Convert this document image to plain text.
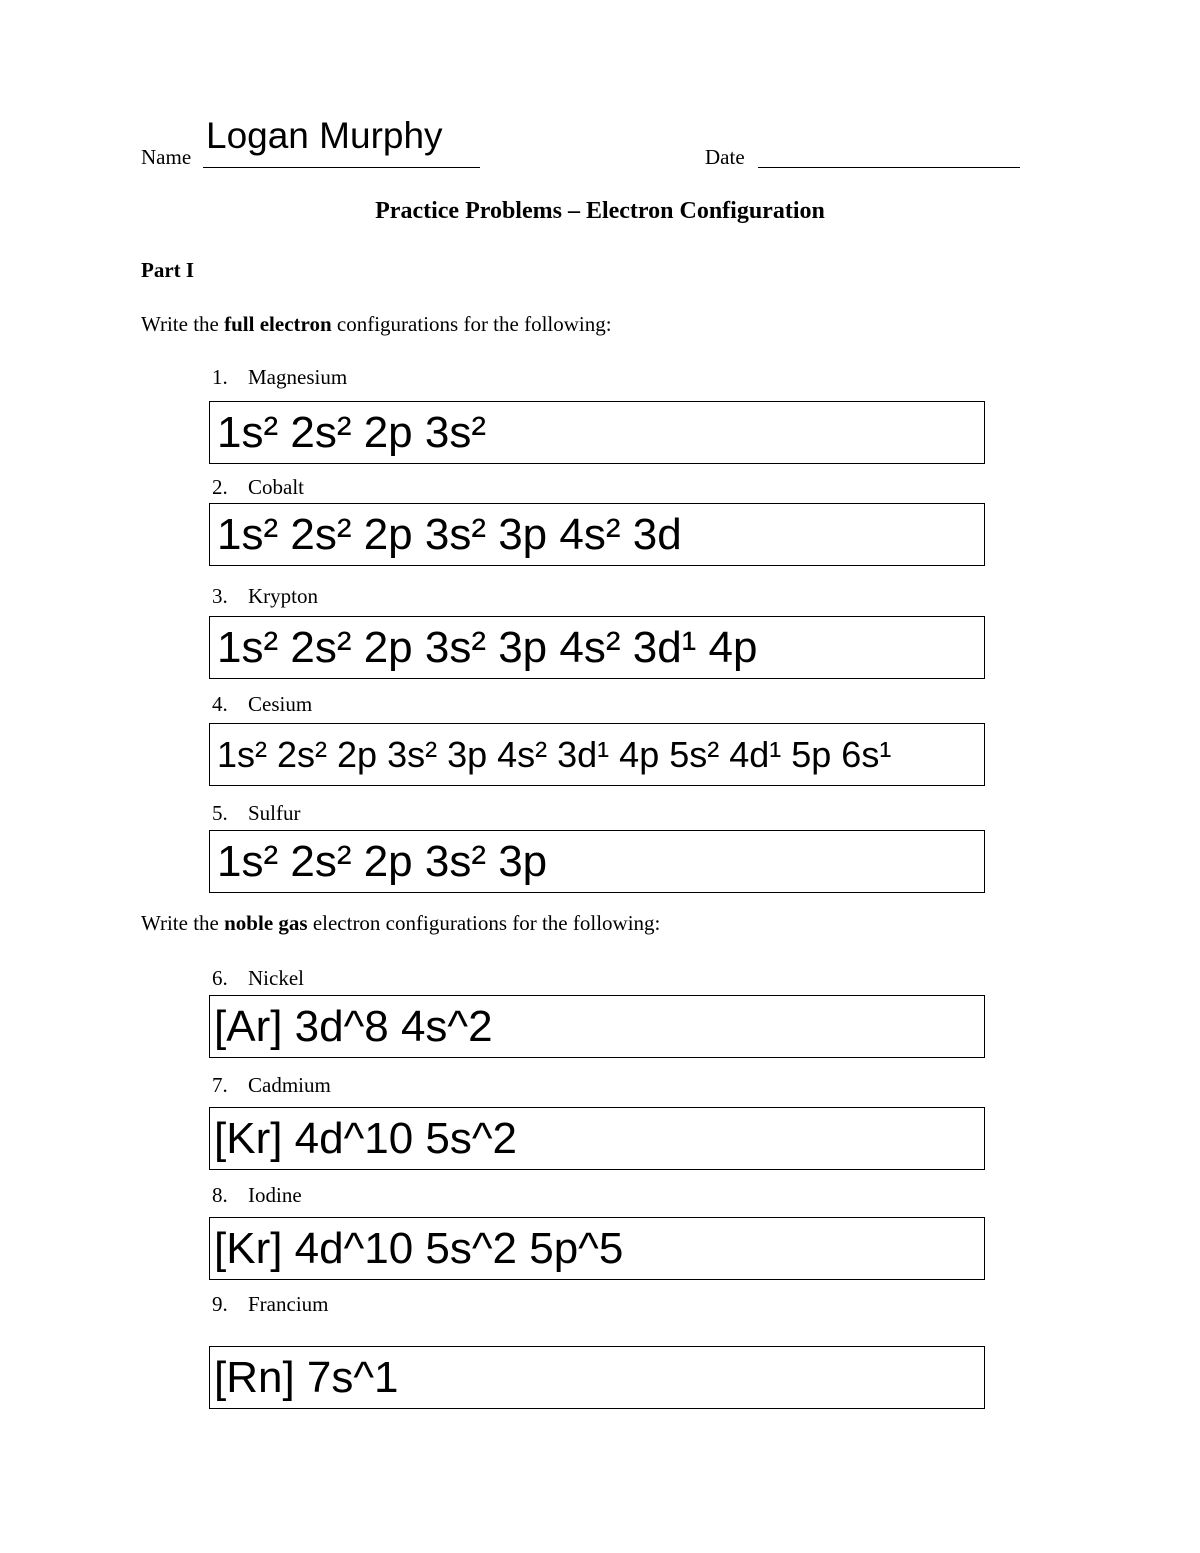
Name
Logan Murphy
Date
Practice Problems – Electron Configuration
Part I
Write the full electron configurations for the following:
1. Magnesium
1s² 2s² 2p 3s²
2. Cobalt
1s² 2s² 2p 3s² 3p 4s² 3d
3. Krypton
1s² 2s² 2p 3s² 3p 4s² 3d¹ 4p
4. Cesium
1s² 2s² 2p 3s² 3p 4s² 3d¹ 4p 5s² 4d¹ 5p 6s¹
5. Sulfur
1s² 2s² 2p 3s² 3p
Write the noble gas electron configurations for the following:
6. Nickel
[Ar] 3d^8 4s^2
7. Cadmium
[Kr] 4d^10 5s^2
8. Iodine
[Kr] 4d^10 5s^2 5p^5
9. Francium
[Rn] 7s^1
